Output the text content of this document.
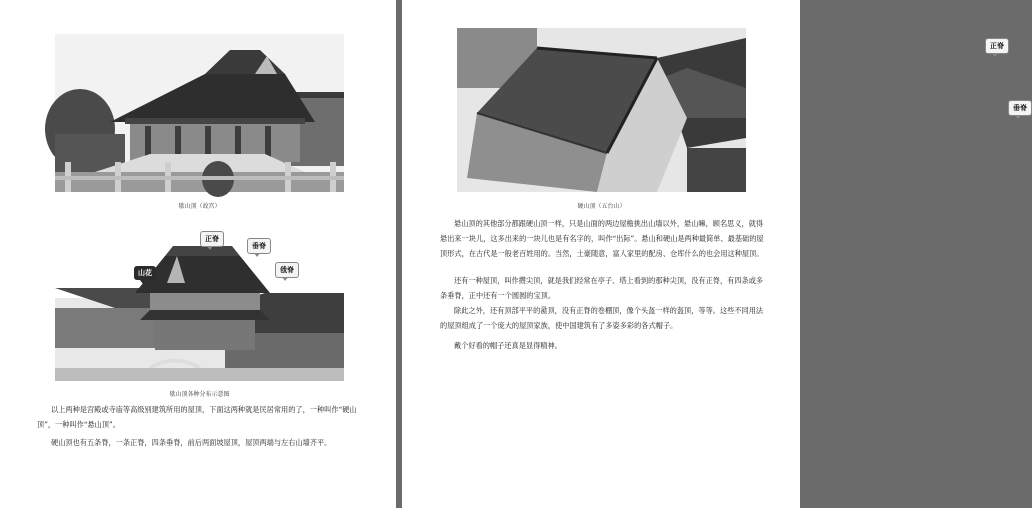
歇山顶（故宫）
山花
正脊
垂脊
戗脊
歇山顶各种分布示意图

以上两种是宫殿或寺庙等高级别建筑所用的屋顶，下面这两种就是民居常用的了，一种叫作“硬山顶”，一种叫作“悬山顶”。

硬山顶也有五条脊，一条正脊，四条垂脊，前后两面坡屋顶，屋顶两端与左右山墙齐平。

正脊
垂脊
硬山顶（五台山）

悬山顶的其他部分都跟硬山顶一样，只是山面的两边屋檐挑出山墙以外，悬山嘛，顾名思义，就得悬出来一块儿，这多出来的一块儿也是有名字的，叫作“出际”。悬山和硬山是两种最简单、最基础的屋顶形式，在古代是一般老百姓用的。当然，土豪随意，富人家里的配房、仓库什么的也会用这种屋顶。

还有一种屋顶，叫作攒尖顶，就是我们经常在亭子、塔上看到的那种尖顶，没有正脊，有四条或多条垂脊，正中还有一个圆圆的宝顶。

除此之外，还有顶部平平的盝顶，没有正脊的卷棚顶，像个头盔一样的盔顶，等等。这些不同用法的屋顶组成了一个庞大的屋顶家族，使中国建筑有了多姿多彩的各式帽子。

戴个好看的帽子还真是显得精神。
